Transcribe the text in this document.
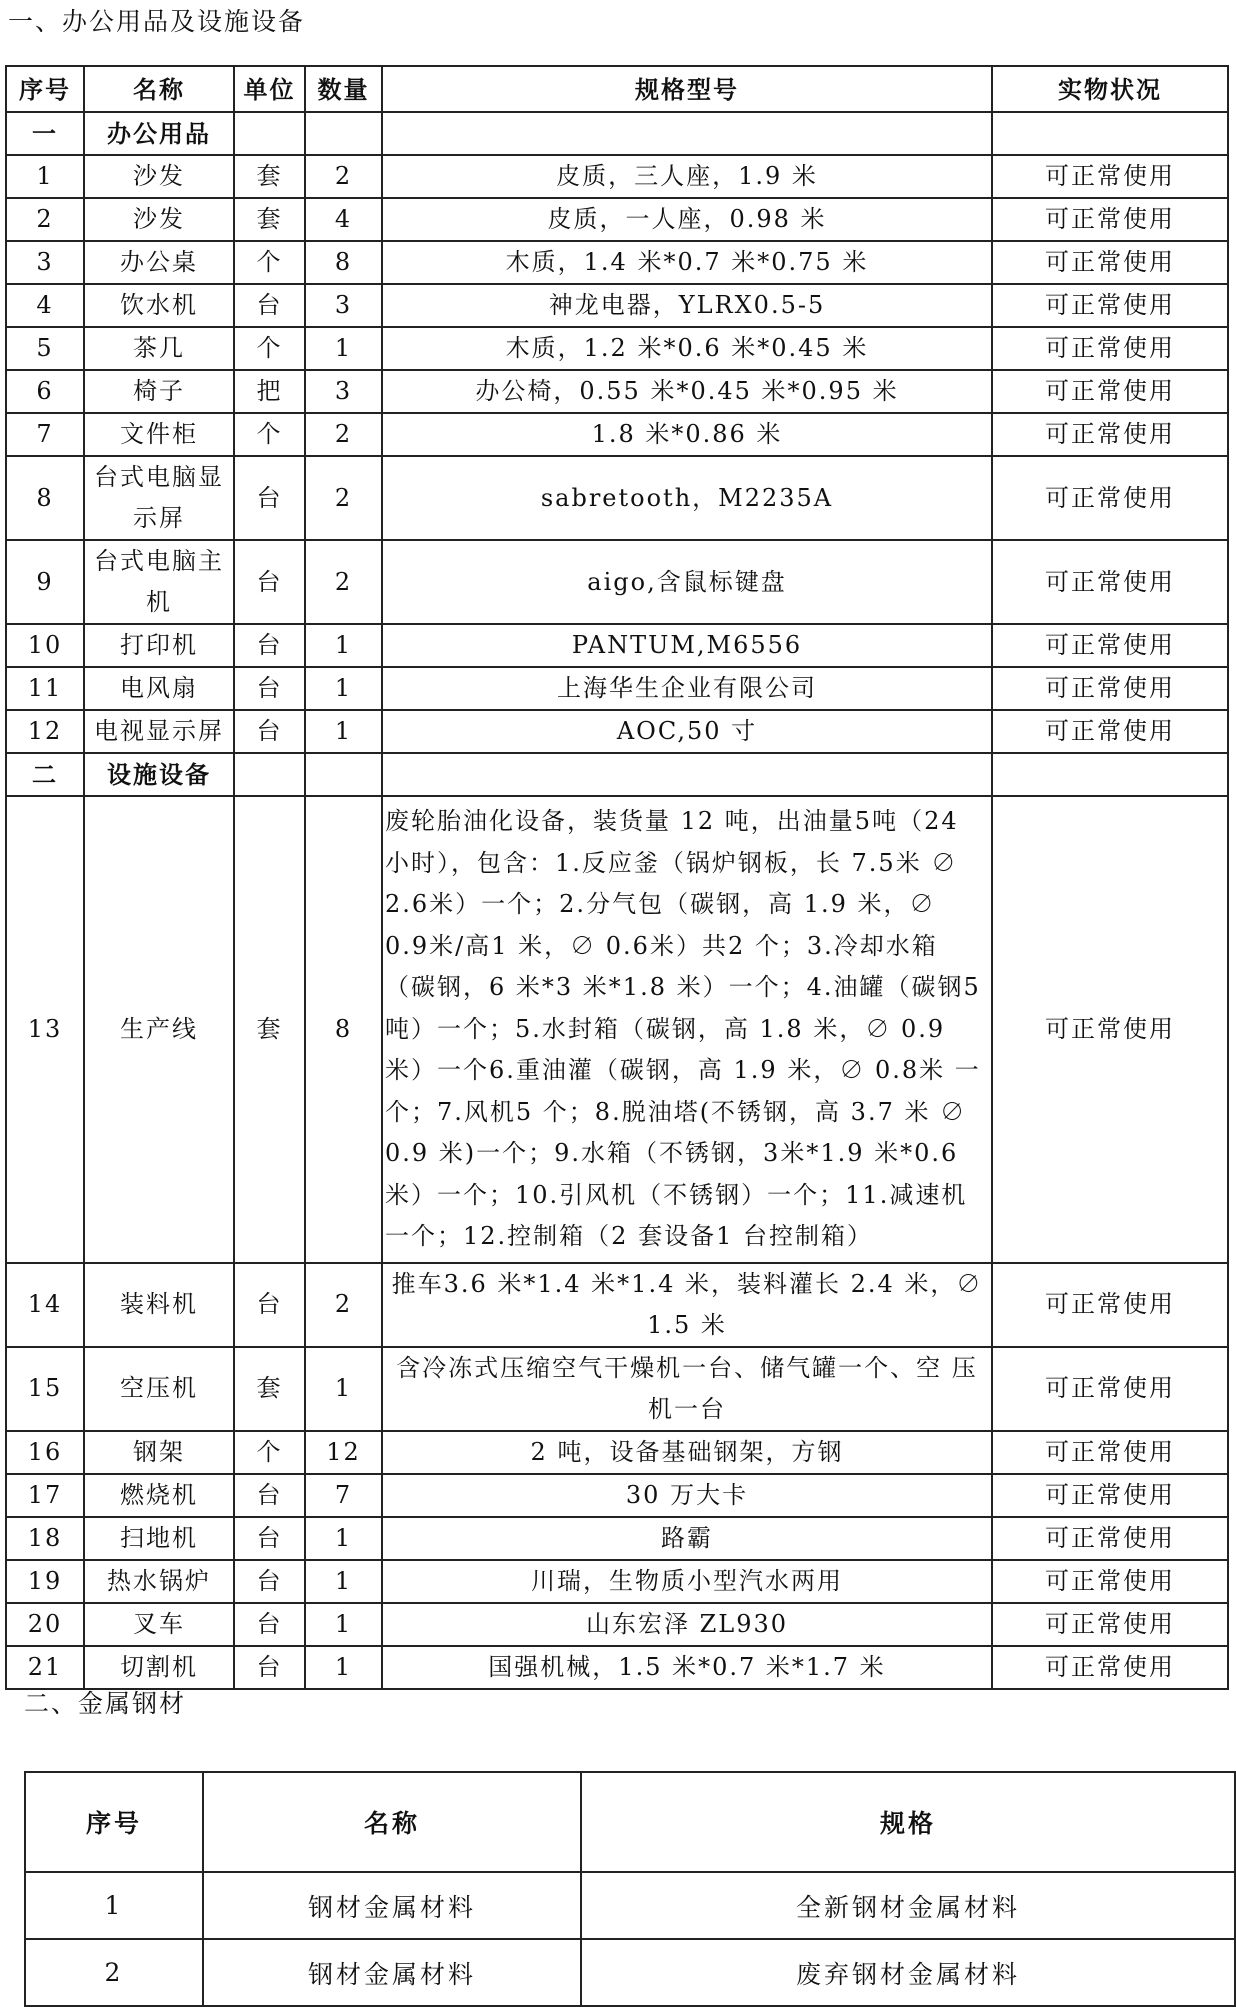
一、办公用品及设施设备
序号	名称	单位	数量	规格型号	实物状况
一	办公用品				
1	沙发	套	2	皮质，三人座，1.9 米	可正常使用
2	沙发	套	4	皮质，一人座，0.98 米	可正常使用
3	办公桌	个	8	木质，1.4 米*0.7 米*0.75 米	可正常使用
4	饮水机	台	3	神龙电器，YLRX0.5-5	可正常使用
5	茶几	个	1	木质，1.2 米*0.6 米*0.45 米	可正常使用
6	椅子	把	3	办公椅，0.55 米*0.45 米*0.95 米	可正常使用
7	文件柜	个	2	1.8 米*0.86 米	可正常使用
8	台式电脑显示屏	台	2	sabretooth，M2235A	可正常使用
9	台式电脑主机	台	2	aigo,含鼠标键盘	可正常使用
10	打印机	台	1	PANTUM,M6556	可正常使用
11	电风扇	台	1	上海华生企业有限公司	可正常使用
12	电视显示屏	台	1	AOC,50 寸	可正常使用
二	设施设备				
13	生产线	套	8	废轮胎油化设备，装货量 12 吨，出油量5吨（24 小时），包含：1.反应釜（锅炉钢板，长 7.5米 ∅ 2.6米）一个；2.分气包（碳钢，高 1.9 米，∅ 0.9米/高1 米，∅ 0.6米）共2 个；3.冷却水箱（碳钢，6 米*3 米*1.8 米）一个；4.油罐（碳钢5 吨）一个；5.水封箱（碳钢，高 1.8 米，∅ 0.9 米）一个6.重油灌（碳钢，高 1.9 米，∅ 0.8米 一个；7.风机5 个；8.脱油塔(不锈钢，高 3.7 米 ∅ 0.9 米)一个；9.水箱（不锈钢，3米*1.9 米*0.6 米）一个；10.引风机（不锈钢）一个；11.减速机一个；12.控制箱（2 套设备1 台控制箱）	可正常使用
14	装料机	台	2	推车3.6 米*1.4 米*1.4 米，装料灌长 2.4 米，∅ 1.5 米	可正常使用
15	空压机	套	1	含冷冻式压缩空气干燥机一台、储气罐一个、空 压机一台	可正常使用
16	钢架	个	12	2 吨，设备基础钢架，方钢	可正常使用
17	燃烧机	台	7	30 万大卡	可正常使用
18	扫地机	台	1	路霸	可正常使用
19	热水锅炉	台	1	川瑞，生物质小型汽水两用	可正常使用
20	叉车	台	1	山东宏泽 ZL930	可正常使用
21	切割机	台	1	国强机械，1.5 米*0.7 米*1.7 米	可正常使用
二、金属钢材
序号	名称	规格
1	钢材金属材料	全新钢材金属材料
2	钢材金属材料	废弃钢材金属材料
